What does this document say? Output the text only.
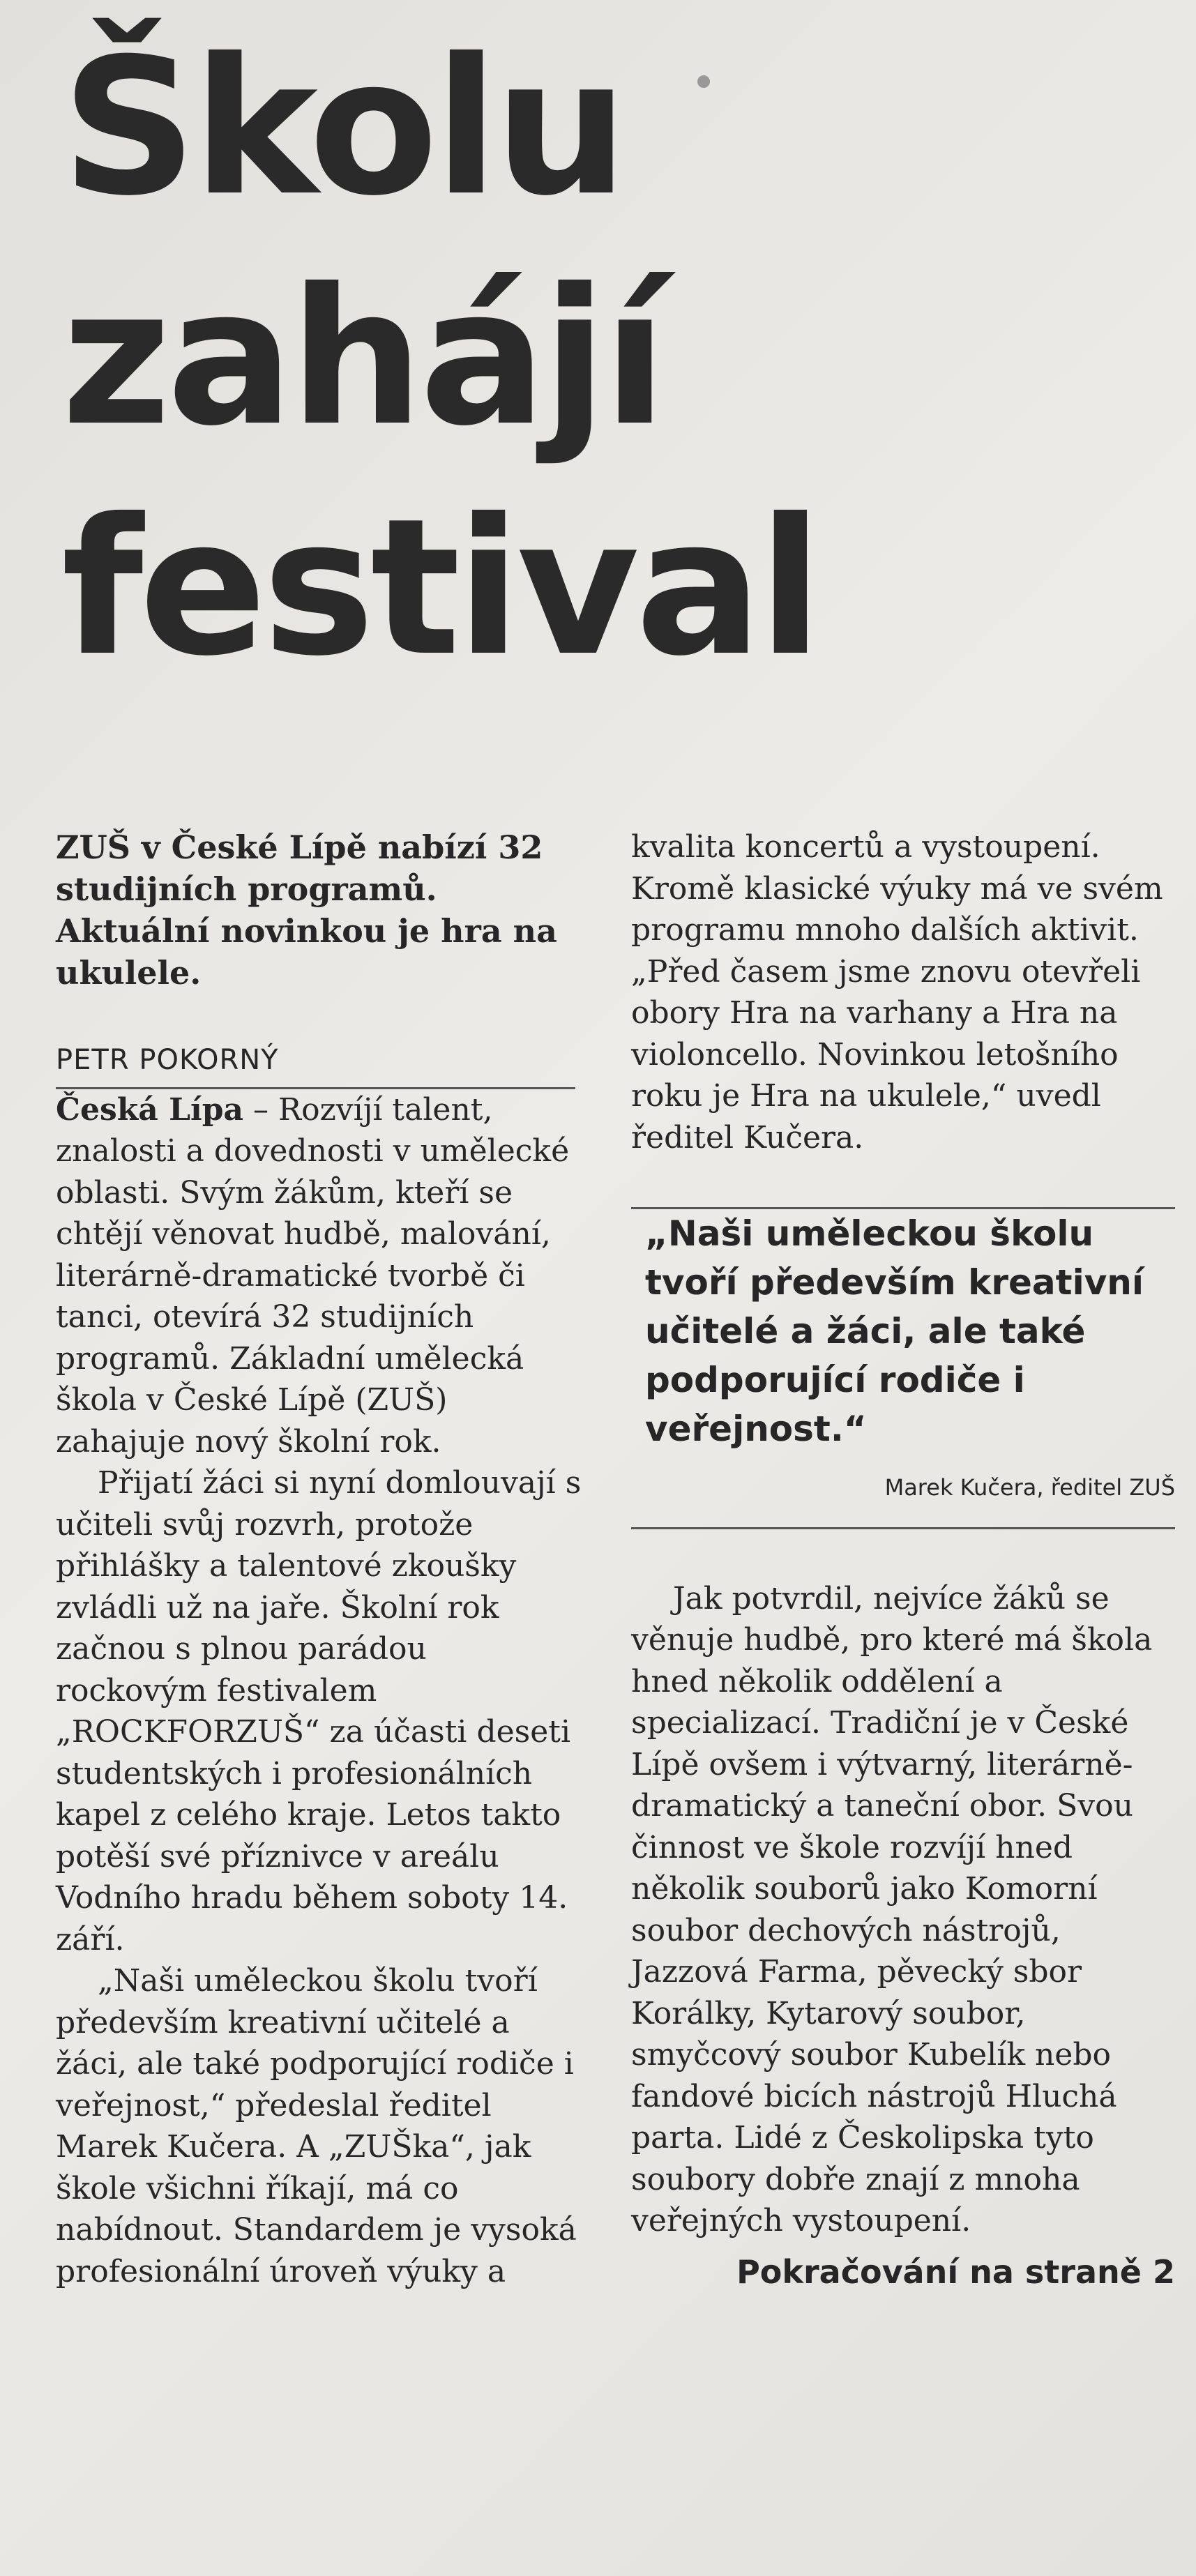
Školu zahájí festival

ZUŠ v České Lípě nabízí 32 studijních programů. Aktuální novinkou je hra na ukulele.

PETR POKORNÝ

Česká Lípa – Rozvíjí talent, znalosti a dovednosti v umělecké oblasti. Svým žákům, kteří se chtějí věnovat hudbě, malování, literárně-dramatické tvorbě či tanci, otevírá 32 studijních programů. Základní umělecká škola v České Lípě (ZUŠ) zahajuje nový školní rok.

Přijatí žáci si nyní domlouvají s učiteli svůj rozvrh, protože přihlášky a talentové zkoušky zvládli už na jaře. Školní rok začnou s plnou parádou rockovým festivalem „ROCKFORZUŠ“ za účasti deseti studentských i profesionálních kapel z celého kraje. Letos takto potěší své příznivce v areálu Vodního hradu během soboty 14. září.

„Naši uměleckou školu tvoří především kreativní učitelé a žáci, ale také podporující rodiče i veřejnost,“ předeslal ředitel Marek Kučera. A „ZUŠka“, jak škole všichni říkají, má co nabídnout. Standardem je vysoká profesionální úroveň výuky a

kvalita koncertů a vystoupení. Kromě klasické výuky má ve svém programu mnoho dalších aktivit. „Před časem jsme znovu otevřeli obory Hra na varhany a Hra na violoncello. Novinkou letošního roku je Hra na ukulele,“ uvedl ředitel Kučera.

„Naši uměleckou školu tvoří především kreativní učitelé a žáci, ale také podporující rodiče i veřejnost.“

Marek Kučera, ředitel ZUŠ

Jak potvrdil, nejvíce žáků se věnuje hudbě, pro které má škola hned několik oddělení a specializací. Tradiční je v České Lípě ovšem i výtvarný, literárně-dramatický a taneční obor. Svou činnost ve škole rozvíjí hned několik souborů jako Komorní soubor dechových nástrojů, Jazzová Farma, pěvecký sbor Korálky, Kytarový soubor, smyčcový soubor Kubelík nebo fandové bicích nástrojů Hluchá parta. Lidé z Českolipska tyto soubory dobře znají z mnoha veřejných vystoupení.

Pokračování na straně 2
